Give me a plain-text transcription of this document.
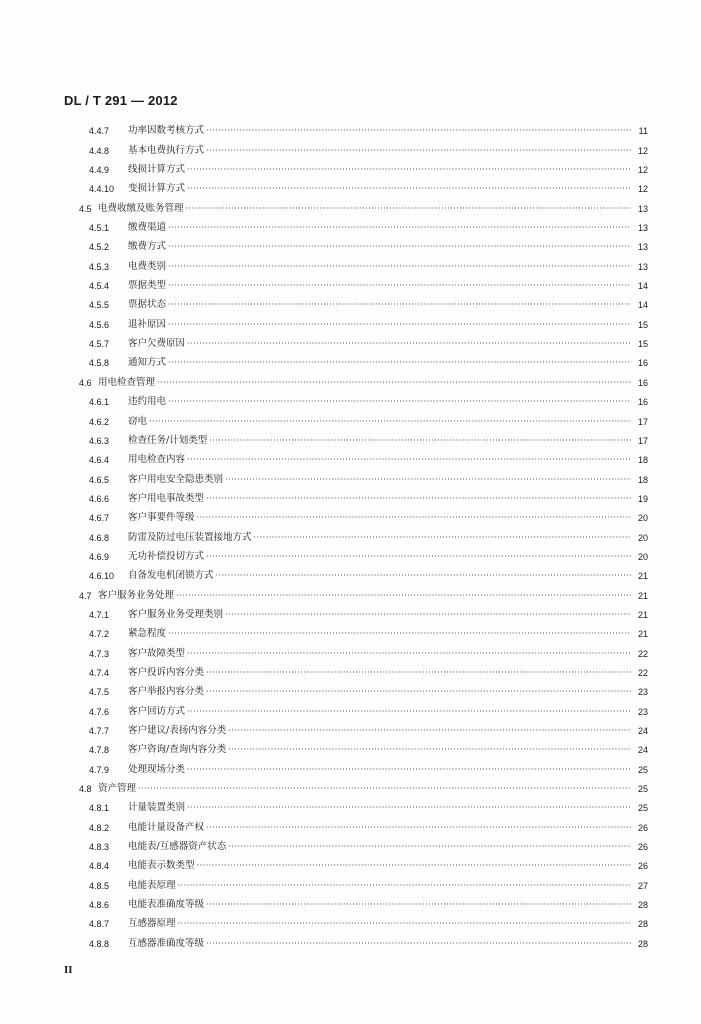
DL / T 291 — 2012
4.4.7	功率因数考核方式 ·····	11
4.4.8	基本电费执行方式 ·····	12
4.4.9	线损计算方式 ·····	12
4.4.10	变损计算方式 ·····	12
4.5 电费收缴及账务管理 ·····	13
4.5.1	缴费渠道 ·····	13
4.5.2	缴费方式 ·····	13
4.5.3	电费类别 ·····	13
4.5.4	票据类型 ·····	14
4.5.5	票据状态 ·····	14
4.5.6	退补原因 ·····	15
4.5.7	客户欠费原因 ·····	15
4.5.8	通知方式 ·····	16
4.6 用电检查管理 ·····	16
4.6.1	违约用电 ·····	16
4.6.2	窃电 ·····	17
4.6.3	检查任务/计划类型 ·····	17
4.6.4	用电检查内容 ·····	18
4.6.5	客户用电安全隐患类别 ·····	18
4.6.6	客户用电事故类型 ·····	19
4.6.7	客户事要件等级 ·····	20
4.6.8	防雷及防过电压装置接地方式 ·····	20
4.6.9	无功补偿投切方式 ·····	20
4.6.10	自备发电机闭锁方式 ·····	21
4.7 客户服务业务处理 ·····	21
4.7.1	客户服务业务受理类别 ·····	21
4.7.2	紧急程度 ·····	21
4.7.3	客户故障类型 ·····	22
4.7.4	客户投诉内容分类 ·····	22
4.7.5	客户举报内容分类 ·····	23
4.7.6	客户回访方式 ·····	23
4.7.7	客户建议/表扬内容分类 ·····	24
4.7.8	客户咨询/查询内容分类 ·····	24
4.7.9	处理现场分类 ·····	25
4.8 资产管理 ·····	25
4.8.1	计量装置类别 ·····	25
4.8.2	电能计量设备产权 ·····	26
4.8.3	电能表/互感器资产状态 ·····	26
4.8.4	电能表示数类型 ·····	26
4.8.5	电能表原理 ·····	27
4.8.6	电能表准确度等级 ·····	28
4.8.7	互感器原理 ·····	28
4.8.8	互感器准确度等级 ·····	28
II
